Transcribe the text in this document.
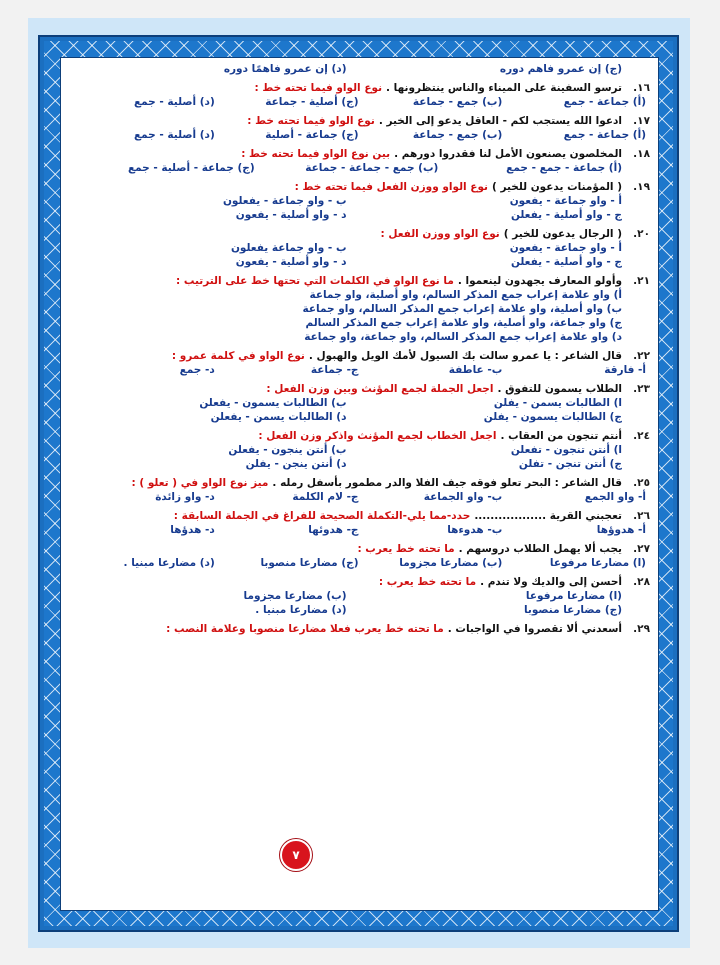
(ج) إن عمرو فاهم دوره
(د) إن عمرو فاهمًا دوره
١٦.
ترسو السفينة على الميناء والناس ينتظرونها .
نوع الواو فيما تحته خط :
(أ) جماعة - جمع
(ب) جمع - جماعة
(ج) أصلية - جماعة
(د) أصلية - جمع
١٧.
ادعوا الله يستجب لكم - العاقل يدعو إلى الخير .
نوع الواو فيما تحته خط :
(أ) جماعة - جمع
(ب) جمع - جماعة
(ج) جماعة - أصلية
(د) أصلية - جمع
١٨.
المخلصون يصنعون الأمل لنا فقدروا دورهم .
بين نوع الواو فيما تحته خط :
(أ) جماعة - جمع - جمع
(ب) جمع - جماعة - جماعة
(ج) جماعة - أصلية - جمع
١٩.
( المؤمنات يدعون للخير )
نوع الواو ووزن الفعل فيما تحته خط :
أ - واو جماعة - يفعون
ب - واو جماعة - يفعلون
ج - واو أصلية - يفعلن
د - واو أصلية - يفعون
٢٠.
( الرجال يدعون للخير )
نوع الواو ووزن الفعل :
أ - واو جماعة - يفعون
ب - واو جماعة يفعلون
ج - واو أصلية - يفعلن
د - واو أصلية - يفعون
٢١.
وأولو المعارف يجهدون لينعموا .
ما نوع الواو في الكلمات التي تحتها خط على الترتيب :
أ) واو علامة إعراب جمع المذكر السالم، واو أصلية، واو جماعة
ب) واو أصلية، واو علامة إعراب جمع المذكر السالم، واو جماعة
ج) واو جماعة، واو أصلية، واو علامة إعراب جمع المذكر السالم
د) واو علامة إعراب جمع المذكر السالم، واو جماعة، واو جماعة
٢٢.
قال الشاعر : يا عمرو سالت بك السيول لأمك الويل والهبول .
نوع الواو في كلمة عمرو :
أ- فارقة
ب- عاطفة
ج- جماعة
د- جمع
٢٣.
الطلاب يسمون للتفوق .
اجعل الجملة لجمع المؤنث وبين وزن الفعل :
ا) الطالبات يسمن - يفلن
ب) الطالبات يسمون - يفعلن
ج) الطالبات يسمون - يفلن
د) الطالبات يسمن - يفعلن
٢٤.
أنتم تنجون من العقاب .
اجعل الخطاب لجمع المؤنث واذكر وزن الفعل :
ا) أنتن تنجون - تفعلن
ب) أنتن ينجون - يفعلن
ج) أنتن تنجن - تفلن
د) أنتن ينجن - يفلن
٢٥.
قال الشاعر : البحر تعلو فوقه جيف الفلا والدر مطمور بأسفل رمله .
ميز نوع الواو في ( تعلو ) :
أ- واو الجمع
ب- واو الجماعة
ج- لام الكلمة
د- واو زائدة
٢٦.
تعجبني القرية ..................
حدد-مما يلي-التكملة الصحيحة للفراغ في الجملة السابقة :
أ- هدوؤها
ب- هدوءها
ج- هدوئها
د- هدؤها
٢٧.
يجب ألا يهمل الطلاب دروسهم .
ما تحته خط يعرب :
(ا) مضارعا مرفوعا
(ب) مضارعا مجزوما
(ج) مضارعا منصوبا
(د) مضارعا مبنيا .
٢٨.
أحسن إلى والديك ولا تندم .
ما تحته خط يعرب :
(ا) مضارعا مرفوعا
(ب) مضارعا مجزوما
(ج) مضارعا منصوبا
(د) مضارعا مبنيا .
٢٩.
أسعدني ألا تقصروا في الواجبات .
ما تحته خط يعرب فعلا مضارعا منصوبا وعلامة النصب :
٧
